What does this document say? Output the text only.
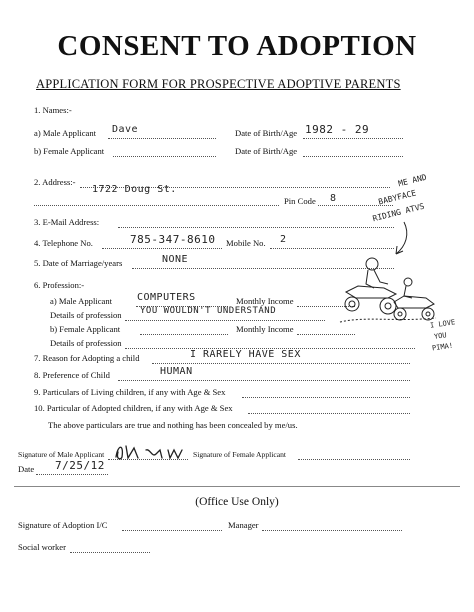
CONSENT TO ADOPTION
APPLICATION FORM FOR PROSPECTIVE ADOPTIVE PARENTS
1. Names:-
a) Male Applicant Dave	Date of Birth/Age 1982 - 29
b) Female Applicant	Date of Birth/Age
2. Address:-
1722 Doug St.
Pin Code 8
3. E-Mail Address:
4. Telephone No.	785-347-8610 Mobile No. 2
5. Date of Marriage/years	NONE
6. Profession:-
a) Male Applicant COMPUTERS	Monthly Income
Details of profession YOU WOULDN'T UNDERSTAND
b) Female Applicant	Monthly Income
Details of profession
7. Reason for Adopting a child	I RARELY HAVE SEX
8. Preference of Child	HUMAN
9. Particulars of Living children, if any with Age & Sex
10. Particular of Adopted children, if any with Age & Sex
The above particulars are true and nothing has been concealed by me/us.
Signature of Male Applicant	Signature of Female Applicant
Date 7/25/12
(Office Use Only)
Signature of Adoption I/C	Manager
Social worker
ME AND
BABYFACE
RIDING ATVS
I LOVE
YOU
PIMA!
